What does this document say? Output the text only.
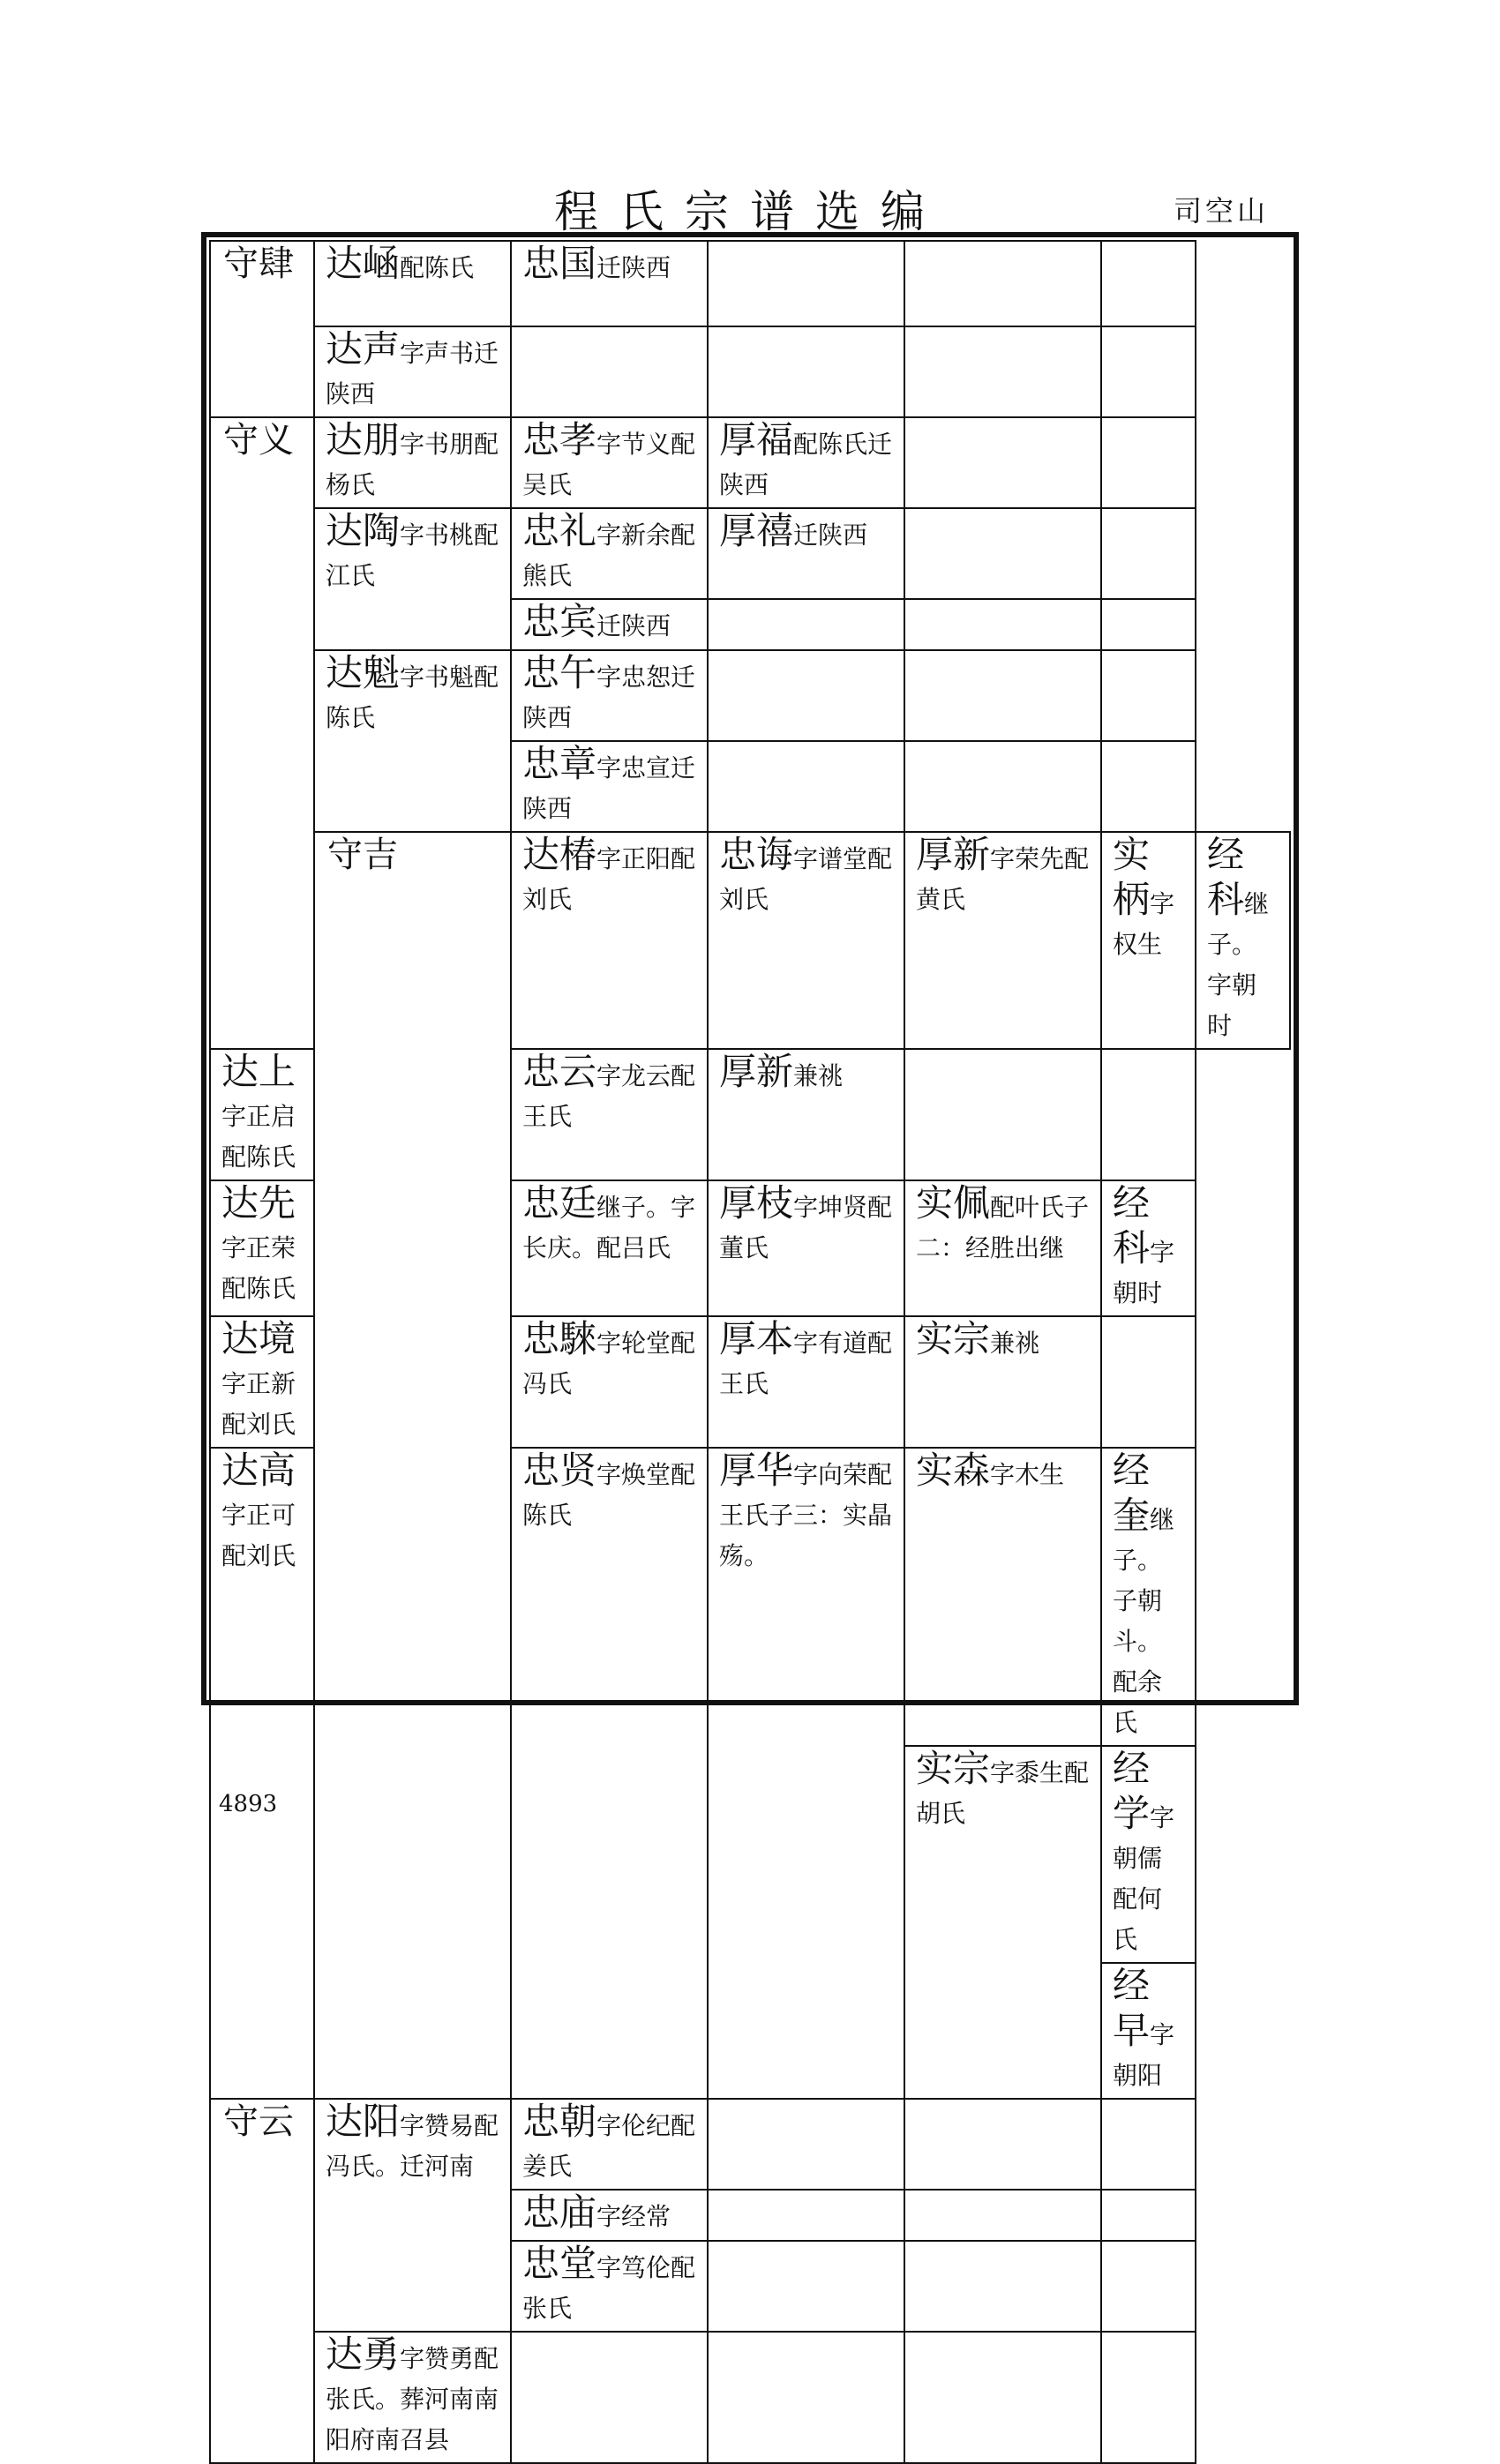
程氏宗谱选编	司空山
守肆	达崡配陈氏	忠国迁陕西				
	达声字声书迁陕西					
守义	达朋字书朋配杨氏	忠孝字节义配吴氏	厚福配陈氏迁陕西			
	达陶字书桃配江氏	忠礼字新余配熊氏	厚禧迁陕西			
		忠宾迁陕西				
	达魁字书魁配陈氏	忠午字忠恕迁陕西				
		忠章字忠宣迁陕西				
	守吉	达椿字正阳配刘氏	忠诲字谱堂配刘氏	厚新字荣先配黄氏	实柄字权生	经科继子。字朝时
达上字正启配陈氏		忠云字龙云配王氏	厚新兼祧			
达先字正荣配陈氏		忠廷继子。字长庆。配吕氏	厚枝字坤贤配董氏	实佩配叶氏子二：经胜出继	经科字朝时	
达境字正新配刘氏		忠騋字轮堂配冯氏	厚本字有道配王氏	实宗兼祧		
达高字正可配刘氏		忠贤字焕堂配陈氏	厚华字向荣配王氏子三：实晶殇。	实森字木生	经奎继子。子朝斗。配余氏	
				实宗字黍生配胡氏	经学字朝儒配何氏	
					经早字朝阳	
守云	达阳字赞易配冯氏。迁河南	忠朝字伦纪配姜氏				
		忠庙字经常				
		忠堂字笃伦配张氏				
	达勇字赞勇配张氏。葬河南南阳府南召县					
4893
